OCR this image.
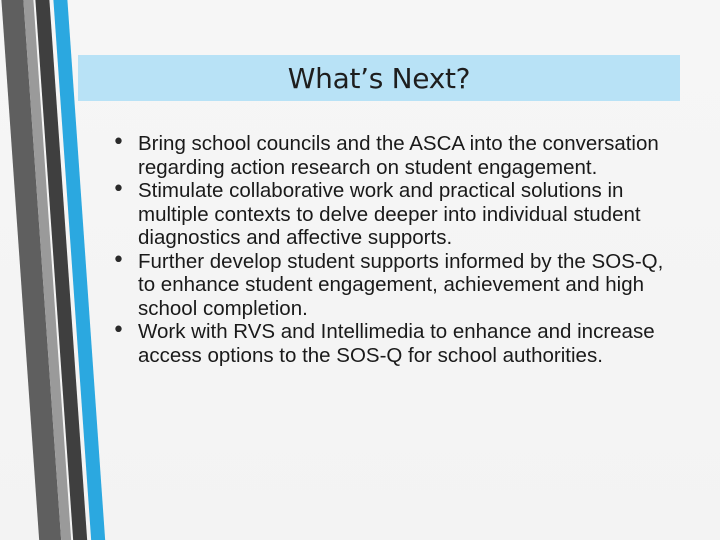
What’s Next?
• Bring school councils and the ASCA into the conversation regarding action research on student engagement.
• Stimulate collaborative work and practical solutions in multiple contexts to delve deeper into individual student diagnostics and affective supports.
• Further develop student supports informed by the SOS-Q, to enhance student engagement, achievement and high school completion.
• Work with RVS and Intellimedia to enhance and increase access options to the SOS-Q for school authorities.
